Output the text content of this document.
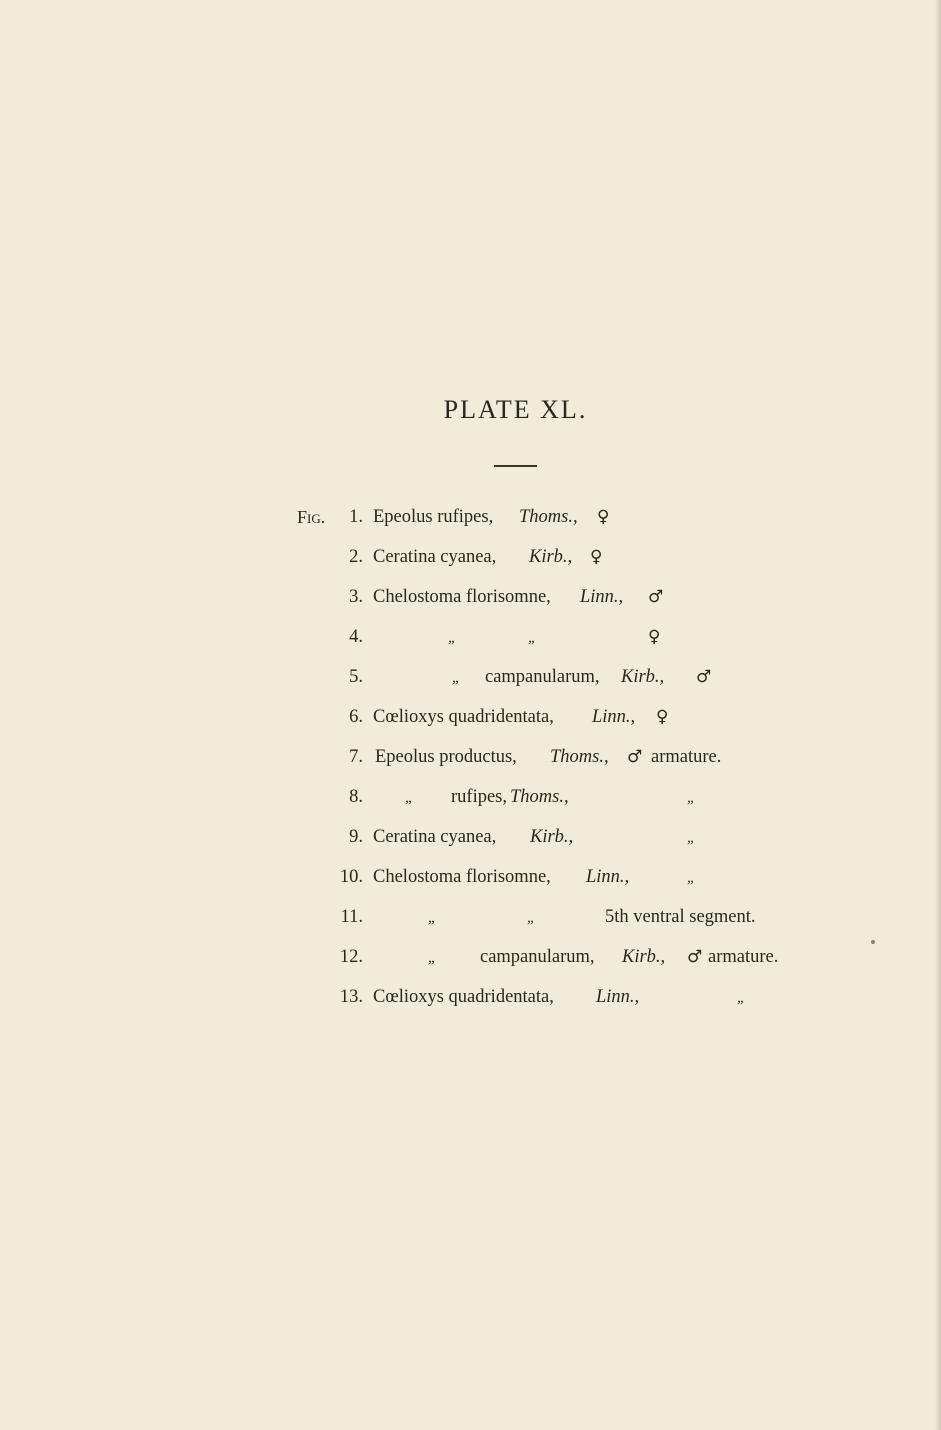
PLATE XL.
Fig.	1. Epeolus rufipes, Thoms., ♀
2. Ceratina cyanea, Kirb., ♀
3. Chelostoma florisomne, Linn., ♂
4.	„	„	♀
5.	„ campanularum, Kirb., ♂
6. Cœlioxys quadridentata, Linn., ♀
7. Epeolus productus, Thoms., ♂ armature.
8.	„ rufipes, Thoms.,	„
9. Ceratina cyanea, Kirb.,	„
10. Chelostoma florisomne, Linn.,	„
11.	„	„	5th ventral segment.
12.	„ campanularum, Kirb., ♂ armature.
13. Cœlioxys quadridentata, Linn.,	„
